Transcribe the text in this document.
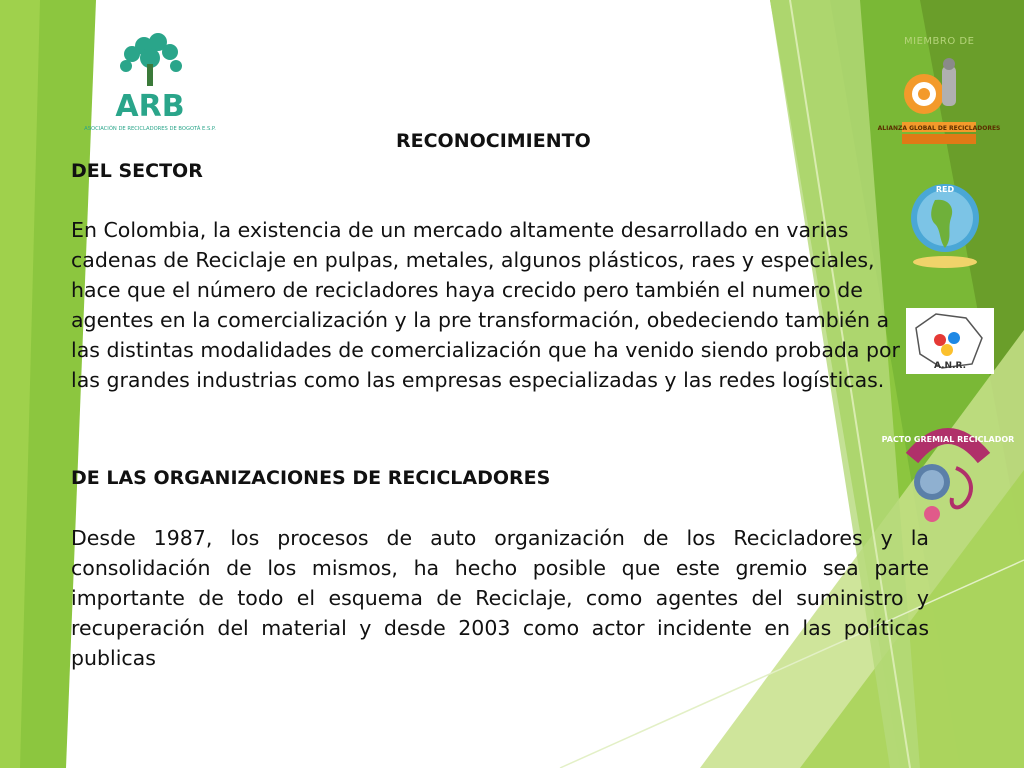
ARB
ASOCIACIÓN DE RECICLADORES DE BOGOTÁ E.S.P.
MIEMBRO DE
ALIANZA GLOBAL DE RECICLADORES
RED
A.N.R.
PACTO GREMIAL RECICLADOR
RECONOCIMIENTO
DEL SECTOR
En Colombia, la existencia de un mercado altamente desarrollado en varias cadenas de Reciclaje en pulpas, metales, algunos plásticos, raes y especiales, hace que el número de recicladores haya crecido pero también el numero de agentes en la comercialización y la pre transformación, obedeciendo también a las distintas modalidades de comercialización que ha venido siendo probada por las grandes industrias como las empresas especializadas y las redes logísticas.
DE LAS ORGANIZACIONES DE RECICLADORES
Desde 1987, los procesos de auto organización de los Recicladores y la consolidación de los mismos, ha hecho posible que este gremio sea parte importante de todo el esquema de Reciclaje, como agentes del suministro y recuperación del material y desde 2003 como actor incidente en las políticas publicas
